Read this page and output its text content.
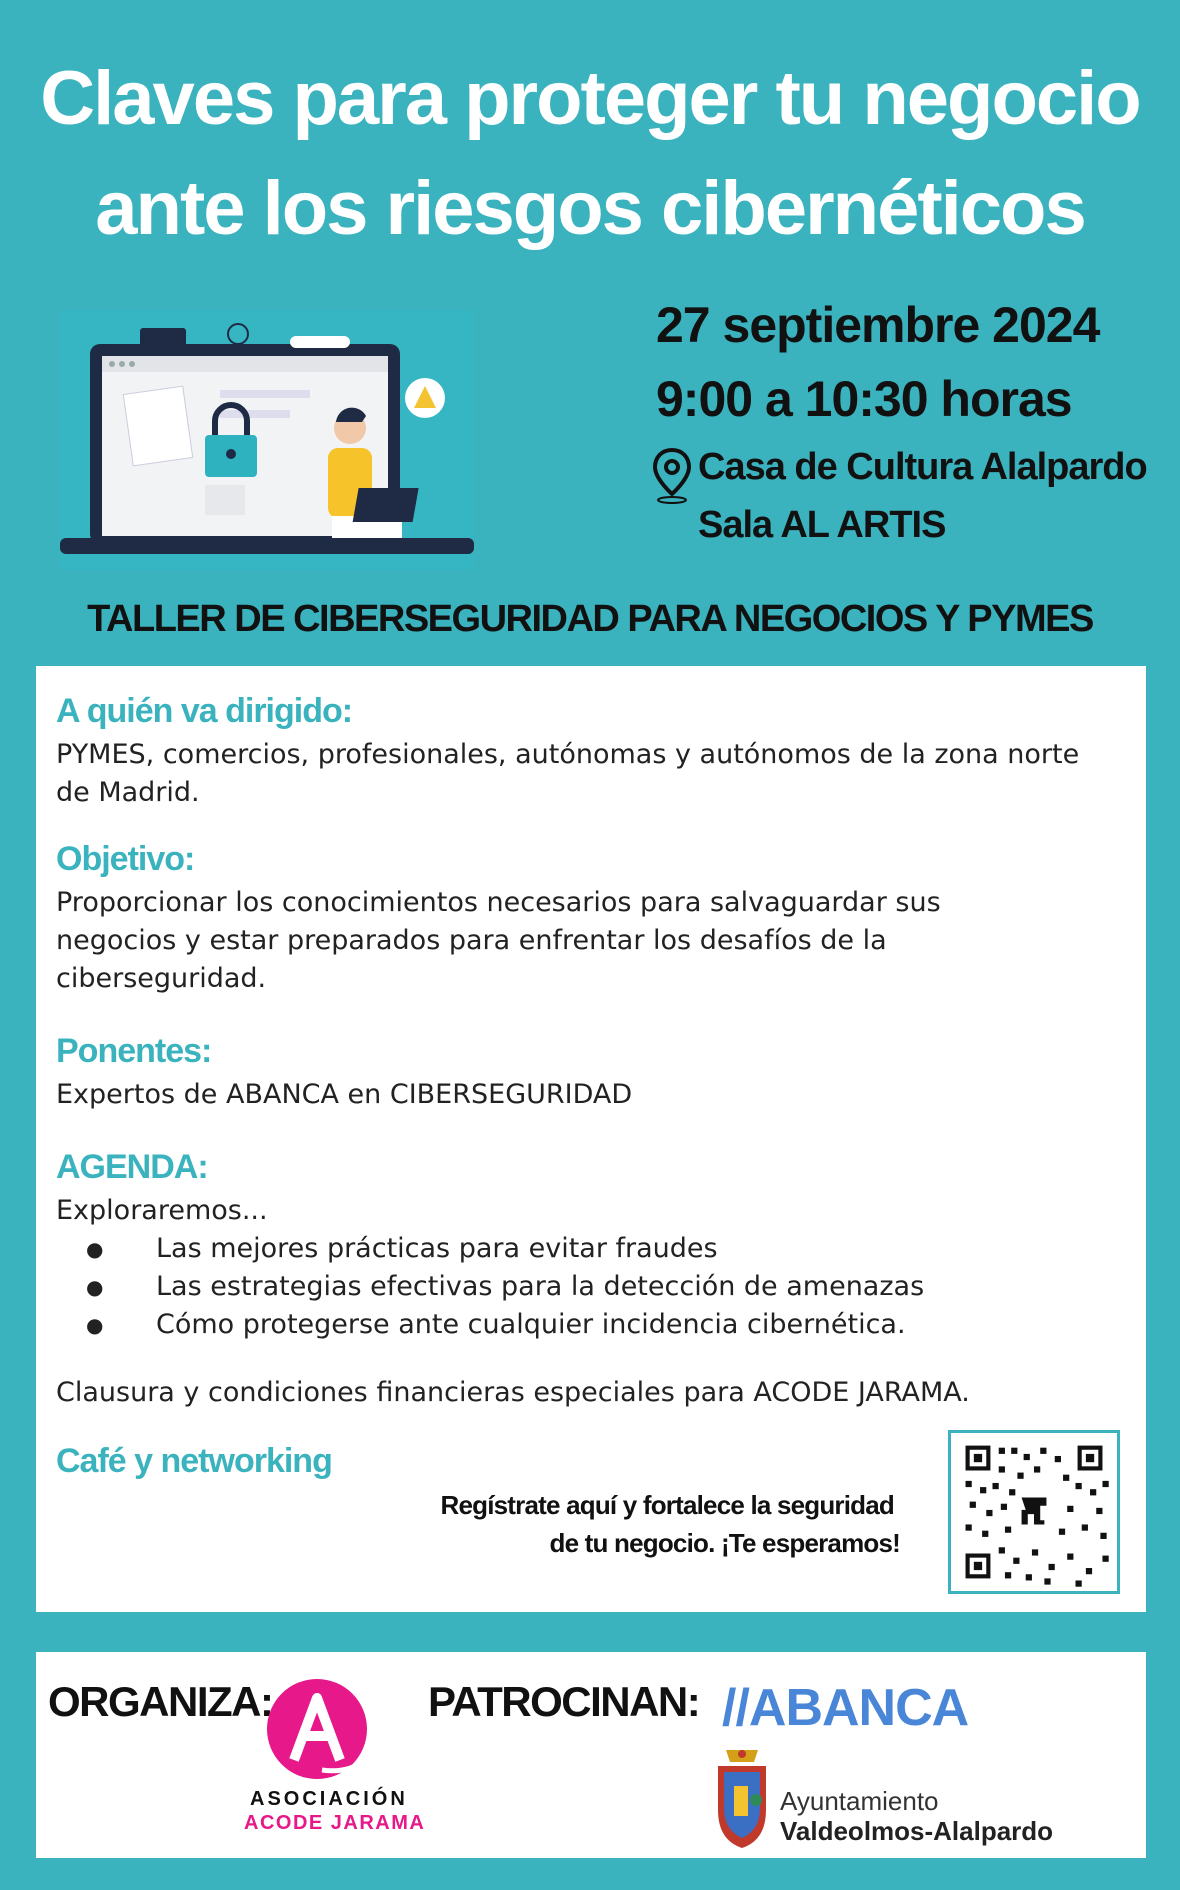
Claves para proteger tu negocio
ante los riesgos cibernéticos
27 septiembre 2024
9:00 a 10:30 horas
Casa de Cultura Alalpardo
Sala AL ARTIS
TALLER DE CIBERSEGURIDAD PARA NEGOCIOS Y PYMES
A quién va dirigido:

PYMES, comercios, profesionales, autónomas y autónomos de la zona norte de Madrid.

Objetivo:

Proporcionar los conocimientos necesarios para salvaguardar sus negocios y estar preparados para enfrentar los desafíos de la ciberseguridad.

Ponentes:

Expertos de ABANCA en CIBERSEGURIDAD

AGENDA:

Exploraremos...

● Las mejores prácticas para evitar fraudes
● Las estrategias efectivas para la detección de amenazas
● Cómo protegerse ante cualquier incidencia cibernética.

Clausura y condiciones financieras especiales para ACODE JARAMA.

Café y networking
Regístrate aquí y fortalece la seguridad
de tu negocio. ¡Te esperamos!
ORGANIZA:
ASOCIACIÓN
ACODE JARAMA
PATROCINAN: //ABANCA
Ayuntamiento
Valdeolmos-Alalpardo
